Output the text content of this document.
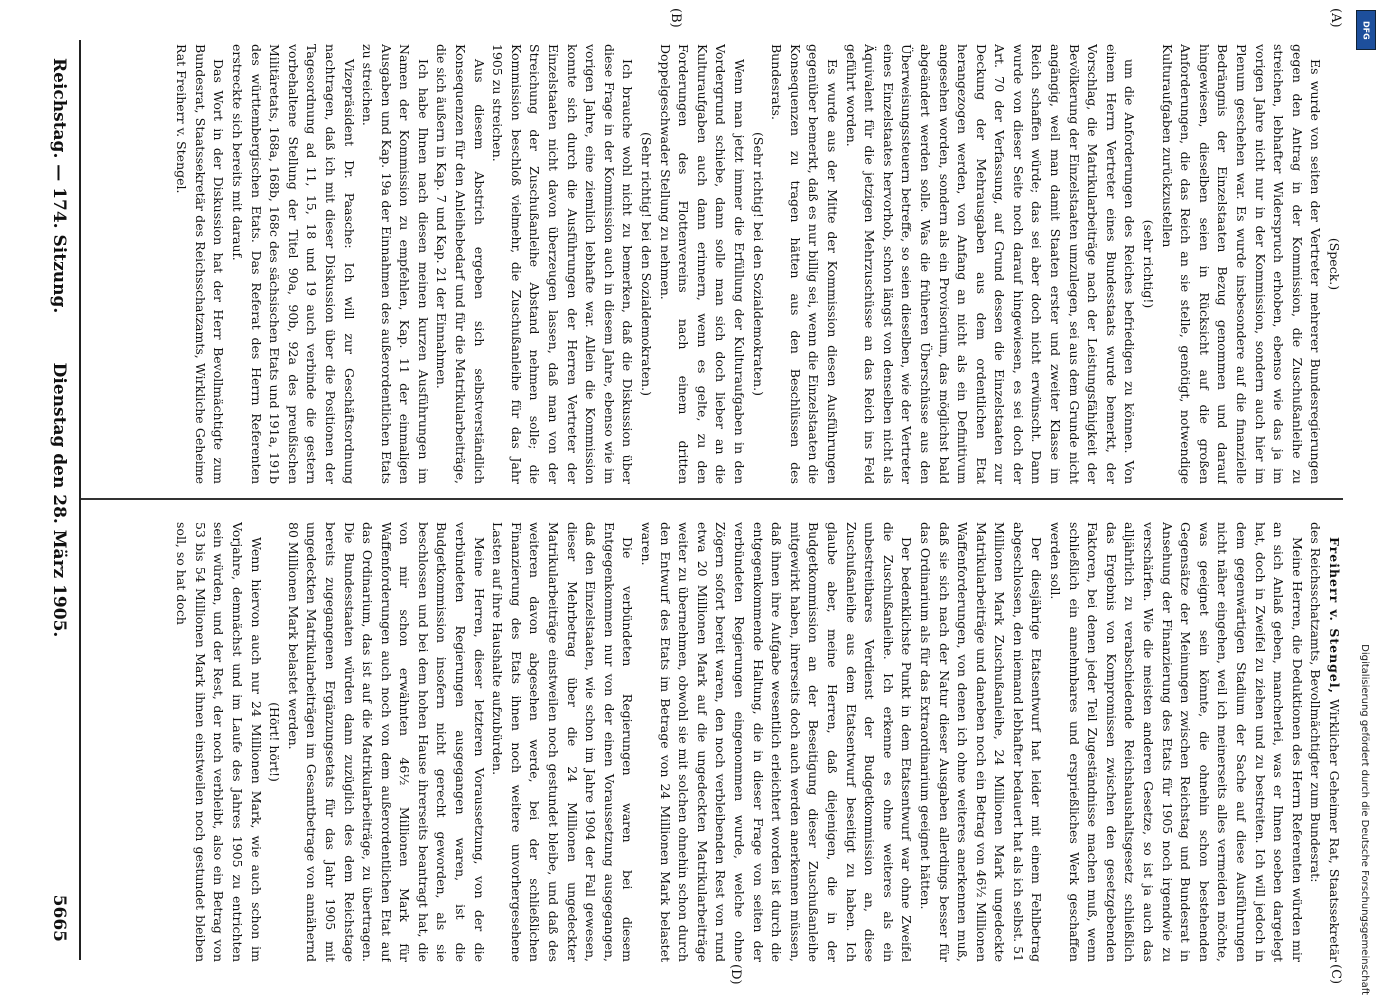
Reichstag. — 174. Sitzung.
Dienstag den 28. März 1905.
5665
(A)
(B)
(C)
(D)

(Speck.)

Es wurde von seiten der Vertreter mehrerer Bundesregierungen gegen den Antrag in der Kommission, die Zuschußanleihe zu streichen, lebhafter Widerspruch erhoben, ebenso wie das ja im vorigen Jahre nicht nur in der Kommission, sondern auch hier im Plenum geschehen war. Es wurde insbesondere auf die finanzielle Bedrängnis der Einzelstaaten Bezug genommen und darauf hingewiesen, dieselben seien in Rücksicht auf die großen Anforderungen, die das Reich an sie stelle, genötigt, notwendige Kulturaufgaben zurückzustellen

(sehr richtig!)

um die Anforderungen des Reiches befriedigen zu können. Von einem Herrn Vertreter eines Bundesstaats wurde bemerkt, der Vorschlag, die Matrikularbeiträge nach der Leistungsfähigkeit der Bevölkerung der Einzelstaaten umzulegen, sei aus dem Grunde nicht angängig, weil man damit Staaten erster und zweiter Klasse im Reich schaffen würde; das sei aber doch nicht erwünscht. Dann wurde von dieser Seite noch darauf hingewiesen, es sei doch der Art. 70 der Verfassung, auf Grund dessen die Einzelstaaten zur Deckung der Mehrausgaben aus dem ordentlichen Etat herangezogen werden, von Anfang an nicht als ein Definitivum angesehen worden, sondern als ein Provisorium, das möglichst bald abgeändert werden solle. Was die früheren Überschüsse aus den Überweisungssteuern betreffe, so seien dieselben, wie der Vertreter eines Einzelstaates hervorhob, schon längst von denselben nicht als Äquivalent für die jetzigen Mehrzuschüsse an das Reich ins Feld geführt worden.

Es wurde aus der Mitte der Kommission diesen Ausführungen gegenüber bemerkt, daß es nur billig sei, wenn die Einzelstaaten die Konsequenzen zu tragen hätten aus den Beschlüssen des Bundesrats.

(Sehr richtig! bei den Sozialdemokraten.)

Wenn man jetzt immer die Erfüllung der Kulturaufgaben in den Vordergrund schiebe, dann solle man sich doch lieber an die Kulturaufgaben auch dann erinnern, wenn es gelte, zu den Forderungen des Flottenvereins nach einem dritten Doppelgeschwader Stellung zu nehmen.

(Sehr richtig! bei den Sozialdemokraten.)

Ich brauche wohl nicht zu bemerken, daß die Diskussion über diese Frage in der Kommission auch in diesem Jahre, ebenso wie im vorigen Jahre, eine ziemlich lebhafte war. Allein die Kommission konnte sich durch die Ausführungen der Herren Vertreter der Einzelstaaten nicht davon überzeugen lassen, daß man von der Streichung der Zuschußanleihe Abstand nehmen solle; die Kommission beschloß vielmehr, die Zuschußanleihe für das Jahr 1905 zu streichen.

Aus diesem Abstrich ergeben sich selbstverständlich Konsequenzen für den Anleihebedarf und für die Matrikularbeiträge, die sich äußern in Kap. 7 und Kap. 21 der Einnahmen.

Ich habe Ihnen nach diesen meinen kurzen Ausführungen im Namen der Kommission zu empfehlen, Kap. 11 der einmaligen Ausgaben und Kap. 19a der Einnahmen des außerordentlichen Etats zu streichen.

Vizepräsident Dr. Paasche: Ich will zur Geschäftsordnung nachtragen, daß ich mit dieser Diskussion über die Positionen der Tagesordnung ad 11, 15, 18 und 19 auch verbinde die gestern vorbehaltene Stellung der Titel 90a, 90b, 92a des preußischen Militäretats, 168a, 168b, 168c des sächsischen Etats und 191a, 191b des württembergischen Etats. Das Referat des Herrn Referenten erstreckte sich bereits mit darauf.

Das Wort in der Diskussion hat der Herr Bevollmächtigte zum Bundesrat, Staatssekretär des Reichsschatzamts, Wirkliche Geheime Rat Freiherr v. Stengel.

Freiherr v. Stengel, Wirklicher Geheimer Rat, Staatssekretär des Reichsschatzamts, Bevollmächtigter zum Bundesrat:

Meine Herren, die Deduktionen des Herrn Referenten würden mir an sich Anlaß geben, mancherlei, was er Ihnen soeben dargelegt hat, doch in Zweifel zu ziehen und zu bestreiten. Ich will jedoch in dem gegenwärtigen Stadium der Sache auf diese Ausführungen nicht näher eingehen, weil ich meinerseits alles vermeiden möchte, was geeignet sein könnte, die ohnehin schon bestehenden Gegensätze der Meinungen zwischen Reichstag und Bundesrat in Ansehung der Finanzierung des Etats für 1905 noch irgendwie zu verschärfen. Wie die meisten anderen Gesetze, so ist ja auch das alljährlich zu verabschiedende Reichshaushaltsgesetz schließlich das Ergebnis von Kompromissen zwischen den gesetzgebenden Faktoren, bei denen jeder Teil Zugeständnisse machen muß, wenn schließlich ein annehmbares und ersprießliches Werk geschaffen werden soll.

Der diesjährige Etatsentwurf hat leider mit einem Fehlbetrag abgeschlossen, den niemand lebhafter bedauert hat als ich selbst. 51 Millionen Mark Zuschußanleihe, 24 Millionen Mark ungedeckte Matrikularbeiträge und daneben noch ein Betrag von 46½ Millionen Waffenforderungen, von denen ich ohne weiteres anerkennen muß, daß sie sich nach der Natur dieser Ausgaben allerdings besser für das Ordinarium als für das Extraordinarium geeignet hätten.

Der bedenklichste Punkt in dem Etatsentwurf war ohne Zweifel die Zuschußanleihe. Ich erkenne es ohne weiteres als ein unbestreitbares Verdienst der Budgetkommission an, diese Zuschußanleihe aus dem Etatsentwurf beseitigt zu haben. Ich glaube aber, meine Herren, daß diejenigen, die in der Budgetkommission an der Beseitigung dieser Zuschußanleihe mitgewirkt haben, ihrerseits doch auch werden anerkennen müssen, daß ihnen ihre Aufgabe wesentlich erleichtert worden ist durch die entgegenkommende Haltung, die in dieser Frage von seiten der verbündeten Regierungen eingenommen wurde, welche ohne Zögern sofort bereit waren, den noch verbleibenden Rest von rund etwa 20 Millionen Mark auf die ungedeckten Matrikularbeiträge weiter zu übernehmen, obwohl sie mit solchen ohnehin schon durch den Entwurf des Etats im Betrage von 24 Millionen Mark belastet waren.

Die verbündeten Regierungen waren bei diesem Entgegenkommen nur von der einen Voraussetzung ausgegangen, daß den Einzelstaaten, wie schon im Jahre 1904 der Fall gewesen, dieser Mehrbetrag über die 24 Millionen ungedeckter Matrikularbeiträge einstweilen noch gestundet bleibe, und daß des weiteren davon abgesehen werde, bei der schließlichen Finanzierung des Etats ihnen noch weitere unvorhergesehene Lasten auf ihre Haushalte aufzubürden.

Meine Herren, dieser letzteren Voraussetzung, von der die verbündeten Regierungen ausgegangen waren, ist die Budgetkommission insofern nicht gerecht geworden, als sie beschlossen und bei dem hohen Hause ihrerseits beantragt hat, die von mir schon erwähnten 46½ Millionen Mark für Waffenforderungen auch noch von dem außerordentlichen Etat auf das Ordinarium, das ist auf die Matrikularbeiträge, zu übertragen. Die Bundesstaaten würden dann zuzüglich des dem Reichstage bereits zugegangenen Ergänzungsetats für das Jahr 1905 mit ungedeckten Matrikularbeiträgen im Gesamtbetrage von annähernd 80 Millionen Mark belastet werden.

(Hört! hört!)

Wenn hiervon auch nur 24 Millionen Mark, wie auch schon im Vorjahre, demnächst und im Laufe des Jahres 1905 zu entrichten sein würden, und der Rest, der noch verbleibt, also ein Betrag von 53 bis 54 Millionen Mark ihnen einstweilen noch gestundet bleiben soll, so hat doch

DFG
Digitalisierung gefördert durch die Deutsche Forschungsgemeinschaft
